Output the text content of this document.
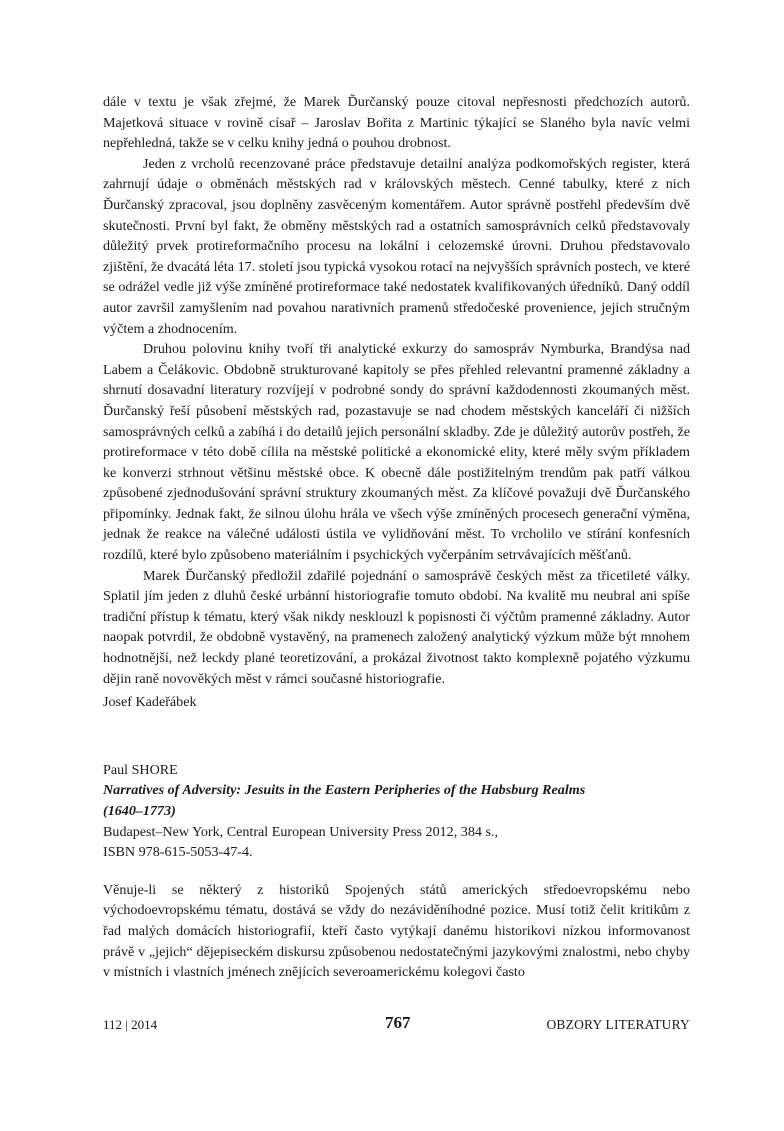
dále v textu je však zřejmé, že Marek Ďurčanský pouze citoval nepřesnosti předchozích autorů. Majetková situace v rovině císař – Jaroslav Bořita z Martinic týkající se Slaného byla navíc velmi nepřehledná, takže se v celku knihy jedná o pouhou drobnost.

Jeden z vrcholů recenzované práce představuje detailní analýza podkomořských register, která zahrnují údaje o obměnách městských rad v královských městech. Cenné tabulky, které z nich Ďurčanský zpracoval, jsou doplněny zasvěceným komentářem. Autor správně postřehl především dvě skutečnosti. První byl fakt, že obměny městských rad a ostatních samosprávních celků představovaly důležitý prvek protireformačního procesu na lokální i celozemské úrovni. Druhou představovalo zjištění, že dvacátá léta 17. století jsou typická vysokou rotací na nejvyšších správních postech, ve které se odrážel vedle již výše zmíněné protireformace také nedostatek kvalifikovaných úředníků. Daný oddíl autor završil zamyšlením nad povahou narativních pramenů středočeské provenience, jejich stručným výčtem a zhodnocením.

Druhou polovinu knihy tvoří tři analytické exkurzy do samospráv Nymburka, Brandýsa nad Labem a Čelákovic. Obdobně strukturované kapitoly se přes přehled relevantní pramenné základny a shrnutí dosavadní literatury rozvíjejí v podrobné sondy do správní každodennosti zkoumaných měst. Ďurčanský řeší působení městských rad, pozastavuje se nad chodem městských kanceláří či nižších samosprávných celků a zabíhá i do detailů jejich personální skladby. Zde je důležitý autorův postřeh, že protireformace v této době cílila na městské politické a ekonomické elity, které měly svým příkladem ke konverzi strhnout většinu městské obce. K obecně dále postižitelným trendům pak patří válkou způsobené zjednodušování správní struktury zkoumaných měst. Za klíčové považuji dvě Ďurčanského připomínky. Jednak fakt, že silnou úlohu hrála ve všech výše zmíněných procesech generační výměna, jednak že reakce na válečné události ústila ve vylidňování měst. To vrcholilo ve stírání konfesních rozdílů, které bylo způsobeno materiálním i psychických vyčerpáním setrvávajících měšťanů.

Marek Ďurčanský předložil zdařilé pojednání o samosprávě českých měst za třicetileté války. Splatil jím jeden z dluhů české urbánní historiografie tomuto období. Na kvalitě mu neubral ani spíše tradiční přístup k tématu, který však nikdy nesklouzl k popisnosti či výčtům pramenné základny. Autor naopak potvrdil, že obdobně vystavěný, na pramenech založený analytický výzkum může být mnohem hodnotnější, než leckdy plané teoretizování, a prokázal životnost takto komplexně pojatého výzkumu dějin raně novověkých měst v rámci současné historiografie.

Josef Kadeřábek

Paul SHORE
Narratives of Adversity: Jesuits in the Eastern Peripheries of the Habsburg Realms
(1640–1773)
Budapest–New York, Central European University Press 2012, 384 s.,
ISBN 978-615-5053-47-4.

Věnuje-li se některý z historiků Spojených států amerických středoevropskému nebo východoevropskému tématu, dostává se vždy do nezáviděníhodné pozice. Musí totiž čelit kritikům z řad malých domácích historiografií, kteří často vytýkají danému historikovi nízkou informovanost právě v „jejich“ dějepiseckém diskursu způsobenou nedostatečnými jazykovými znalostmi, nebo chyby v místních i vlastních jménech znějících severoamerickému kolegovi často

112 | 2014	767	OBZORY LITERATURY
